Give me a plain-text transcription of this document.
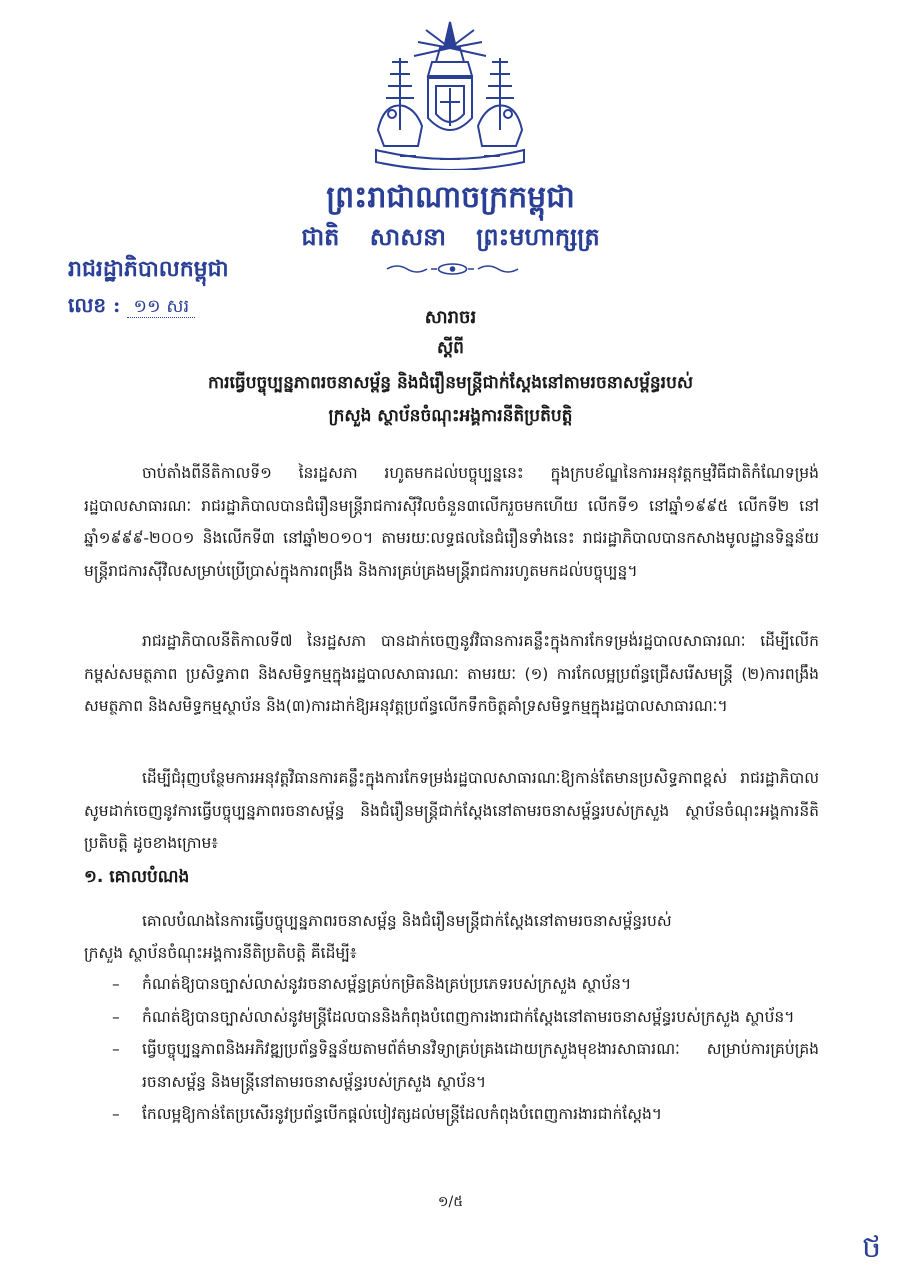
ព្រះរាជាណាចក្រកម្ពុជា
ជាតិ សាសនា ព្រះមហាក្សត្រ
រាជរដ្ឋាភិបាលកម្ពុជា
លេខ : ១១ សរ
សារាចរ
ស្តីពី
ការធ្វើបច្ចុប្បន្នភាពរចនាសម្ព័ន្ធ និងជំរឿនមន្ត្រីជាក់ស្តែងនៅតាមរចនាសម្ព័ន្ធរបស់
ក្រសួង ស្ថាប័នចំណុះអង្គការនីតិប្រតិបត្តិ
ចាប់តាំងពីនីតិកាលទី១ នៃរដ្ឋសភា រហូតមកដល់បច្ចុប្បន្ននេះ ក្នុងក្របខ័ណ្ឌនៃការអនុវត្តកម្មវិធីជាតិកំណែទម្រង់រដ្ឋបាលសាធារណៈ រាជរដ្ឋាភិបាលបានជំរឿនមន្ត្រីរាជការស៊ីវិលចំនួន៣លើករួចមកហើយ លើកទី១ នៅឆ្នាំ១៩៩៥ លើកទី២ នៅឆ្នាំ១៩៩៩-២០០១ និងលើកទី៣ នៅឆ្នាំ២០១០។ តាមរយៈលទ្ធផលនៃជំរឿនទាំងនេះ រាជរដ្ឋាភិបាលបានកសាងមូលដ្ឋានទិន្នន័យមន្ត្រីរាជការស៊ីវិលសម្រាប់ប្រើប្រាស់ក្នុងការពង្រឹង និងការគ្រប់គ្រងមន្ត្រីរាជការរហូតមកដល់បច្ចុប្បន្ន។
រាជរដ្ឋាភិបាលនីតិកាលទី៧ នៃរដ្ឋសភា បានដាក់ចេញនូវវិធានការគន្លឹះក្នុងការកែទម្រង់រដ្ឋបាលសាធារណៈ ដើម្បីលើកកម្ពស់សមត្ថភាព ប្រសិទ្ធភាព និងសមិទ្ធកម្មក្នុងរដ្ឋបាលសាធារណៈ តាមរយៈ (១) ការកែលម្អប្រព័ន្ធជ្រើសរើសមន្ត្រី (២)ការពង្រឹងសមត្ថភាព និងសមិទ្ធកម្មស្ថាប័ន និង(៣)ការដាក់ឱ្យអនុវត្តប្រព័ន្ធលើកទឹកចិត្តគាំទ្រសមិទ្ធកម្មក្នុងរដ្ឋបាលសាធារណៈ។
ដើម្បីជំរុញបន្ថែមការអនុវត្តវិធានការគន្លឹះក្នុងការកែទម្រង់រដ្ឋបាលសាធារណៈឱ្យកាន់តែមានប្រសិទ្ធភាពខ្ពស់ រាជរដ្ឋាភិបាលសូមដាក់ចេញនូវការធ្វើបច្ចុប្បន្នភាពរចនាសម្ព័ន្ធ និងជំរឿនមន្ត្រីជាក់ស្តែងនៅតាមរចនាសម្ព័ន្ធរបស់ក្រសួង ស្ថាប័នចំណុះអង្គការនីតិប្រតិបត្តិ ដូចខាងក្រោម៖
១. គោលបំណង
គោលបំណងនៃការធ្វើបច្ចុប្បន្នភាពរចនាសម្ព័ន្ធ និងជំរឿនមន្ត្រីជាក់ស្តែងនៅតាមរចនាសម្ព័ន្ធរបស់
ក្រសួង ស្ថាប័នចំណុះអង្គការនីតិប្រតិបត្តិ គឺដើម្បី៖
– កំណត់ឱ្យបានច្បាស់លាស់នូវរចនាសម្ព័ន្ធគ្រប់កម្រិតនិងគ្រប់ប្រភេទរបស់ក្រសួង ស្ថាប័ន។
– កំណត់ឱ្យបានច្បាស់លាស់នូវមន្ត្រីដែលបាននិងកំពុងបំពេញការងារជាក់ស្តែងនៅតាមរចនាសម្ព័ន្ធរបស់ក្រសួង ស្ថាប័ន។
– ធ្វើបច្ចុប្បន្នភាពនិងអភិវឌ្ឍប្រព័ន្ធទិន្នន័យតាមព័ត៌មានវិទ្យាគ្រប់គ្រងដោយក្រសួងមុខងារសាធារណៈ សម្រាប់ការគ្រប់គ្រងរចនាសម្ព័ន្ធ និងមន្ត្រីនៅតាមរចនាសម្ព័ន្ធរបស់ក្រសួង ស្ថាប័ន។
– កែលម្អឱ្យកាន់តែប្រសើរនូវប្រព័ន្ធបើកផ្តល់បៀវត្សដល់មន្ត្រីដែលកំពុងបំពេញការងារជាក់ស្តែង។
១/៥
ថ
